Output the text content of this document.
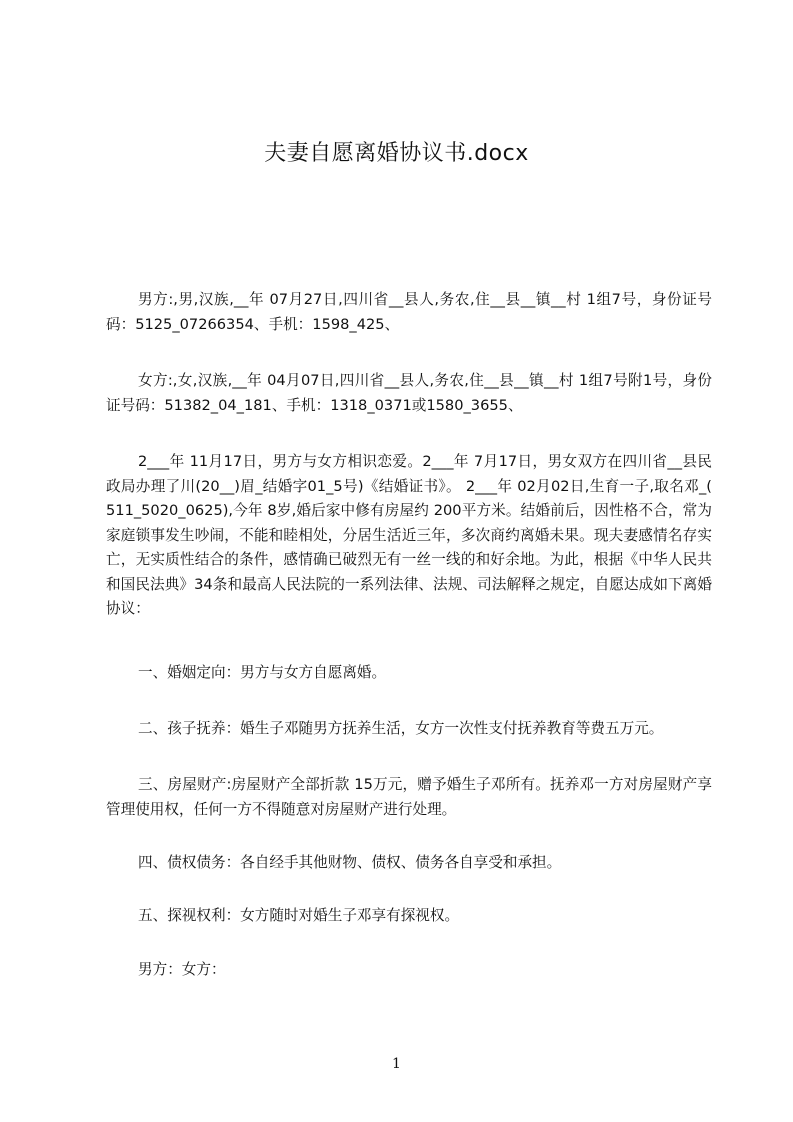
夫妻自愿离婚协议书.docx
男方:,男,汉族,__年 07月27日,四川省__县人,务农,住__县__镇__村 1组7号，身份证号码：5125_07266354、手机：1598_425、
女方:,女,汉族,__年 04月07日,四川省__县人,务农,住__县__镇__村 1组7号附1号，身份证号码：51382_04_181、手机：1318_0371或1580_3655、
2___年 11月17日，男方与女方相识恋爱。2___年 7月17日，男女双方在四川省__县民政局办理了川(20__)眉_结婚字01_5号)《结婚证书》。 2___年 02月02日,生育一子,取名邓_( 511_5020_0625),今年 8岁,婚后家中修有房屋约 200平方米。结婚前后，因性格不合，常为家庭锁事发生吵闹，不能和睦相处，分居生活近三年，多次商约离婚未果。现夫妻感情名存实亡，无实质性结合的条件，感情确已破烈无有一丝一线的和好余地。为此，根据《中华人民共和国民法典》34条和最高人民法院的一系列法律、法规、司法解释之规定，自愿达成如下离婚协议：
一、婚姻定向：男方与女方自愿离婚。
二、孩子抚养：婚生子邓随男方抚养生活，女方一次性支付抚养教育等费五万元。
三、房屋财产:房屋财产全部折款 15万元，赠予婚生子邓所有。抚养邓一方对房屋财产享管理使用权，任何一方不得随意对房屋财产进行处理。
四、债权债务：各自经手其他财物、债权、债务各自享受和承担。
五、探视权利：女方随时对婚生子邓享有探视权。
男方：女方：
1
